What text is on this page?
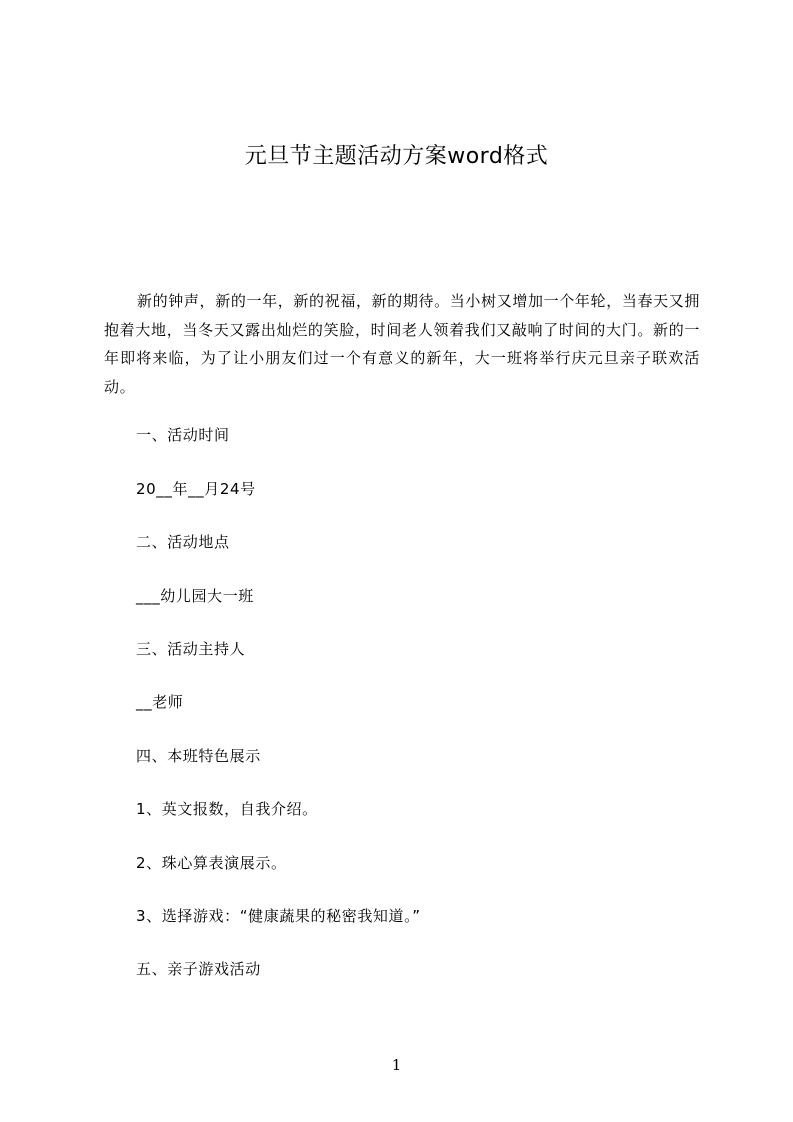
元旦节主题活动方案word格式
新的钟声，新的一年，新的祝福，新的期待。当小树又增加一个年轮，当春天又拥抱着大地，当冬天又露出灿烂的笑脸，时间老人领着我们又敲响了时间的大门。新的一年即将来临，为了让小朋友们过一个有意义的新年，大一班将举行庆元旦亲子联欢活动。
一、活动时间
20__年__月24号
二、活动地点
___幼儿园大一班
三、活动主持人
__老师
四、本班特色展示
1、英文报数，自我介绍。
2、珠心算表演展示。
3、选择游戏：“健康蔬果的秘密我知道。”
五、亲子游戏活动
1
